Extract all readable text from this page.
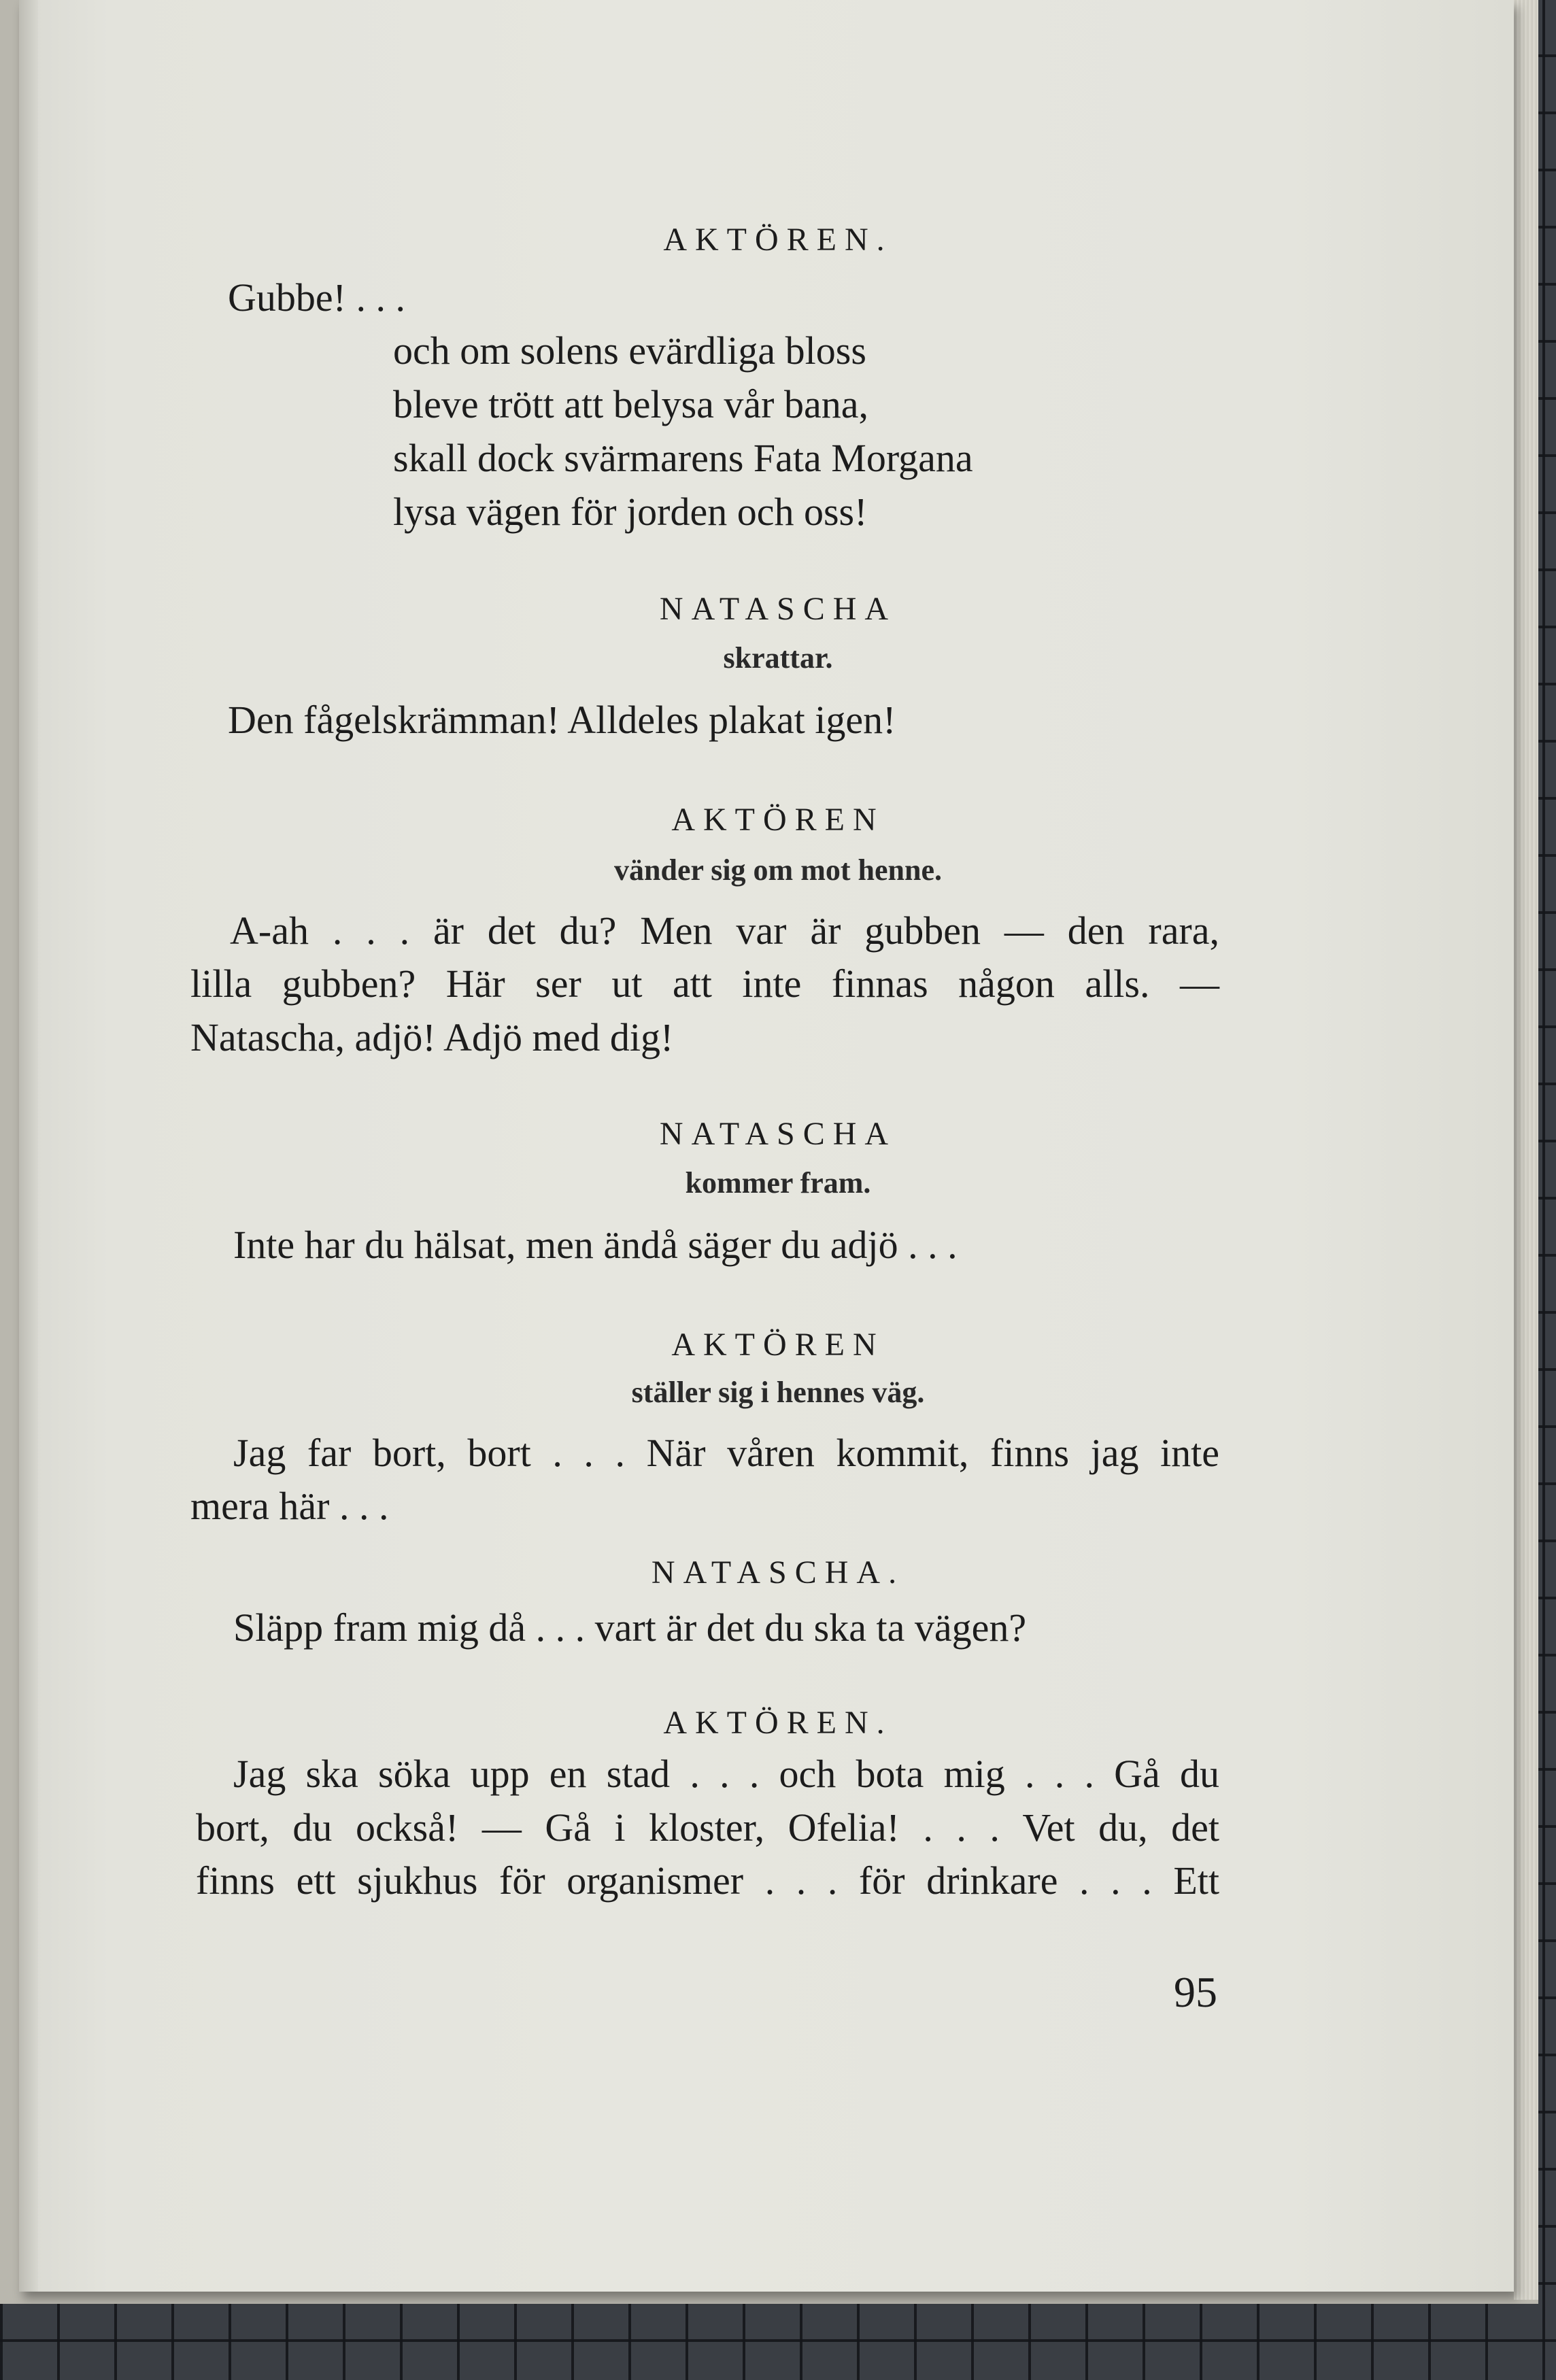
AKTÖREN.
Gubbe! . . .
och om solens evärdliga bloss
bleve trött att belysa vår bana,
skall dock svärmarens Fata Morgana
lysa vägen för jorden och oss!
NATASCHA
skrattar.
Den fågelskrämman! Alldeles plakat igen!
AKTÖREN
vänder sig om mot henne.
A-ah . . . är det du? Men var är gubben — den rara,
lilla gubben? Här ser ut att inte finnas någon alls. —
Natascha, adjö! Adjö med dig!
NATASCHA
kommer fram.
Inte har du hälsat, men ändå säger du adjö . . .
AKTÖREN
ställer sig i hennes väg.
Jag far bort, bort . . . När våren kommit, finns jag inte
mera här . . .
NATASCHA.
Släpp fram mig då . . . vart är det du ska ta vägen?
AKTÖREN.
Jag ska söka upp en stad . . . och bota mig . . . Gå du
bort, du också! — Gå i kloster, Ofelia! . . . Vet du, det
finns ett sjukhus för organismer . . . för drinkare . . . Ett
95
